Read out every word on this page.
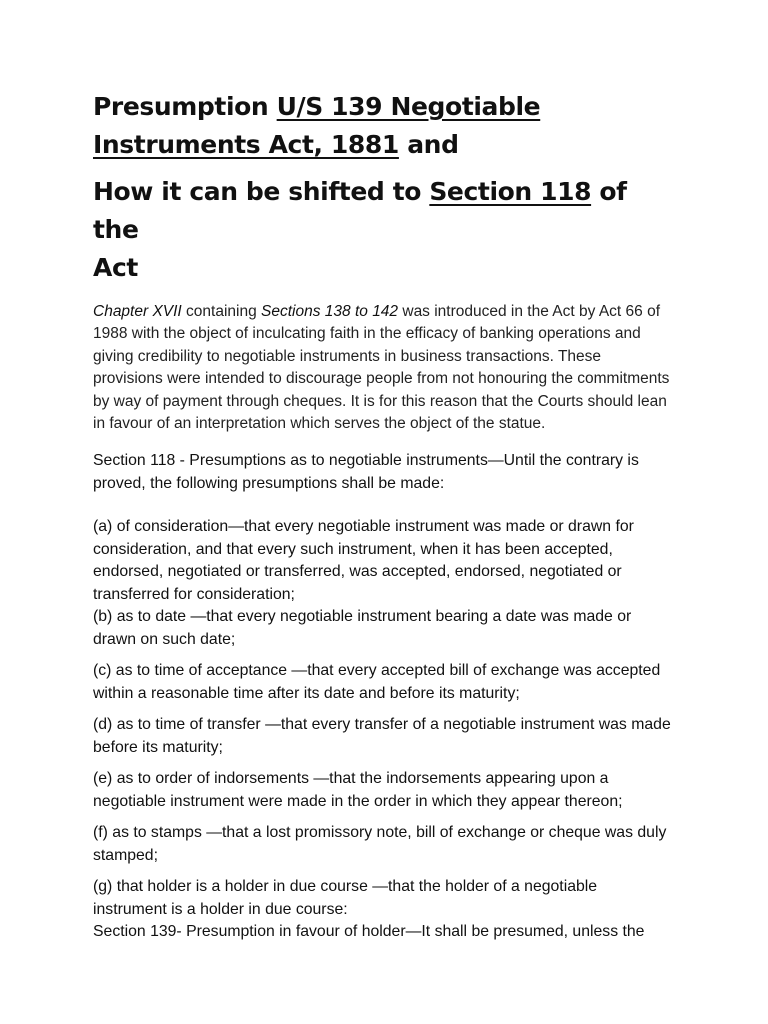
Presumption U/S 139 Negotiable
Instruments Act, 1881 and
How it can be shifted to Section 118 of the
Act

Chapter XVII containing Sections 138 to 142 was introduced in the Act by Act 66 of 1988 with the object of inculcating faith in the efficacy of banking operations and giving credibility to negotiable instruments in business transactions. These provisions were intended to discourage people from not honouring the commitments by way of payment through cheques. It is for this reason that the Courts should lean in favour of an interpretation which serves the object of the statue.

Section 118 - Presumptions as to negotiable instruments—Until the contrary is proved, the following presumptions shall be made:

(a) of consideration—that every negotiable instrument was made or drawn for consideration, and that every such instrument, when it has been accepted, endorsed, negotiated or transferred, was accepted, endorsed, negotiated or transferred for consideration;

(b) as to date —that every negotiable instrument bearing a date was made or drawn on such date;

(c) as to time of acceptance —that every accepted bill of exchange was accepted within a reasonable time after its date and before its maturity;

(d) as to time of transfer —that every transfer of a negotiable instrument was made before its maturity;

(e) as to order of indorsements —that the indorsements appearing upon a negotiable instrument were made in the order in which they appear thereon;

(f) as to stamps —that a lost promissory note, bill of exchange or cheque was duly stamped;

(g) that holder is a holder in due course —that the holder of a negotiable instrument is a holder in due course:

Section 139- Presumption in favour of holder—It shall be presumed, unless the
